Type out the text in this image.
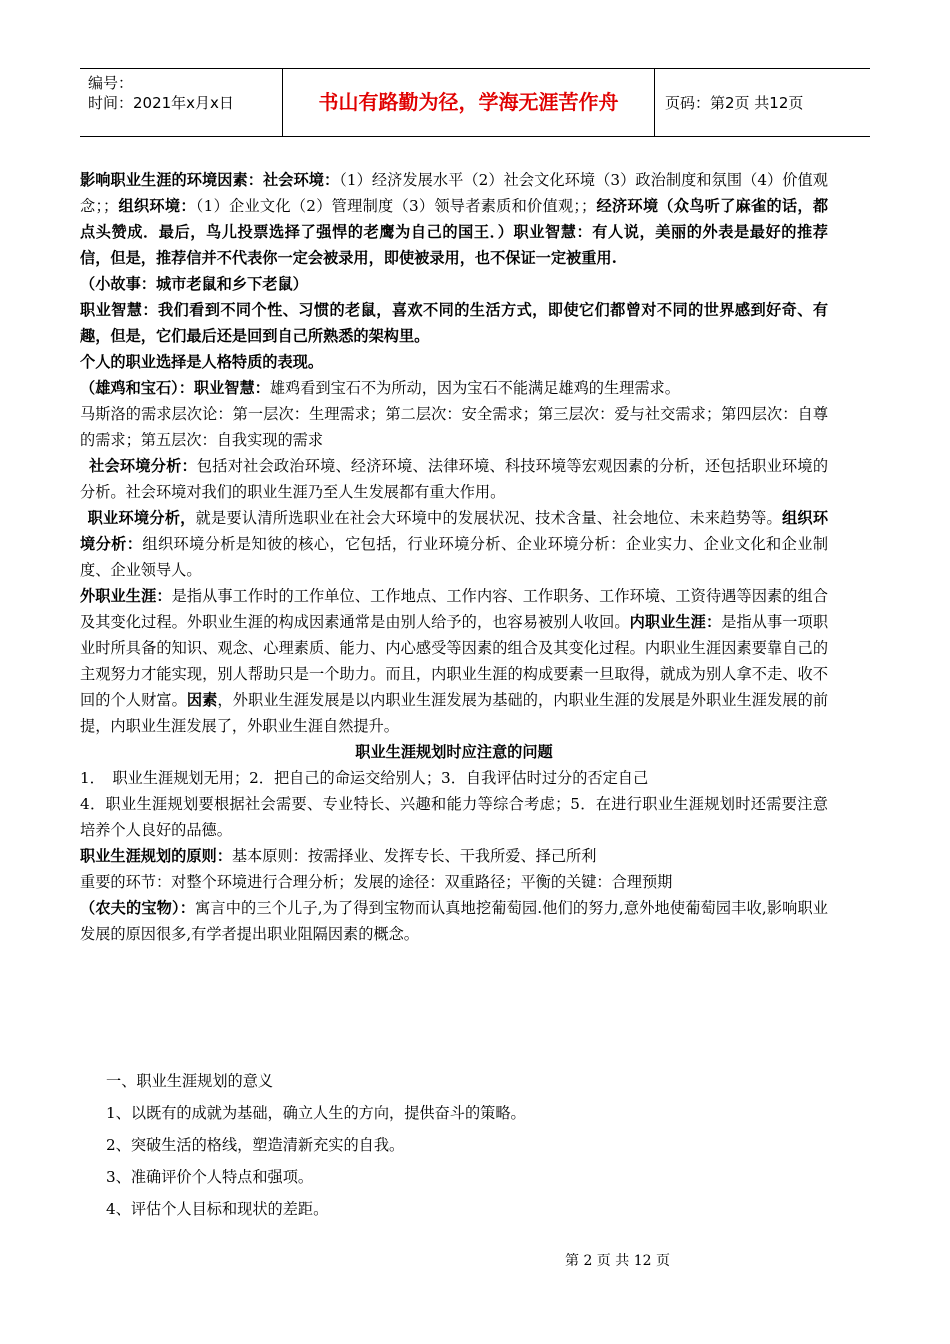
编号：
时间：2021年x月x日	书山有路勤为径，学海无涯苦作舟	页码：第2页 共12页

影响职业生涯的环境因素：社会环境：（1）经济发展水平（2）社会文化环境（3）政治制度和氛围（4）价值观念；；组织环境：（1）企业文化（2）管理制度（3）领导者素质和价值观；；经济环境（众鸟听了麻雀的话，都点头赞成．最后，鸟儿投票选择了强悍的老鹰为自己的国王．）职业智慧：有人说，美丽的外表是最好的推荐信，但是，推荐信并不代表你一定会被录用，即使被录用，也不保证一定被重用.

（小故事：城市老鼠和乡下老鼠）

职业智慧：我们看到不同个性、习惯的老鼠，喜欢不同的生活方式，即使它们都曾对不同的世界感到好奇、有趣，但是，它们最后还是回到自己所熟悉的架构里。

个人的职业选择是人格特质的表现。

（雄鸡和宝石）：职业智慧：雄鸡看到宝石不为所动，因为宝石不能满足雄鸡的生理需求。

马斯洛的需求层次论：第一层次：生理需求；第二层次：安全需求；第三层次：爱与社交需求；第四层次：自尊的需求；第五层次：自我实现的需求

社会环境分析：包括对社会政治环境、经济环境、法律环境、科技环境等宏观因素的分析，还包括职业环境的分析。社会环境对我们的职业生涯乃至人生发展都有重大作用。

职业环境分析，就是要认清所选职业在社会大环境中的发展状况、技术含量、社会地位、未来趋势等。组织环境分析：组织环境分析是知彼的核心，它包括，行业环境分析、企业环境分析：企业实力、企业文化和企业制度、企业领导人。

外职业生涯：是指从事工作时的工作单位、工作地点、工作内容、工作职务、工作环境、工资待遇等因素的组合及其变化过程。外职业生涯的构成因素通常是由别人给予的，也容易被别人收回。内职业生涯：是指从事一项职业时所具备的知识、观念、心理素质、能力、内心感受等因素的组合及其变化过程。内职业生涯因素要靠自己的主观努力才能实现，别人帮助只是一个助力。而且，内职业生涯的构成要素一旦取得，就成为别人拿不走、收不回的个人财富。因素，外职业生涯发展是以内职业生涯发展为基础的，内职业生涯的发展是外职业生涯发展的前提，内职业生涯发展了，外职业生涯自然提升。

职业生涯规划时应注意的问题

1．　职业生涯规划无用；2．把自己的命运交给别人；3．自我评估时过分的否定自己

4．职业生涯规划要根据社会需要、专业特长、兴趣和能力等综合考虑；5．在进行职业生涯规划时还需要注意培养个人良好的品德。

职业生涯规划的原则：基本原则：按需择业、发挥专长、干我所爱、择己所利

重要的环节：对整个环境进行合理分析；发展的途径：双重路径；平衡的关键：合理预期

（农夫的宝物）：寓言中的三个儿子,为了得到宝物而认真地挖葡萄园.他们的努力,意外地使葡萄园丰收,影响职业发展的原因很多,有学者提出职业阻隔因素的概念。

一、职业生涯规划的意义

1、以既有的成就为基础，确立人生的方向，提供奋斗的策略。

2、突破生活的格线，塑造清新充实的自我。

3、准确评价个人特点和强项。

4、评估个人目标和现状的差距。

第 2 页 共 12 页
